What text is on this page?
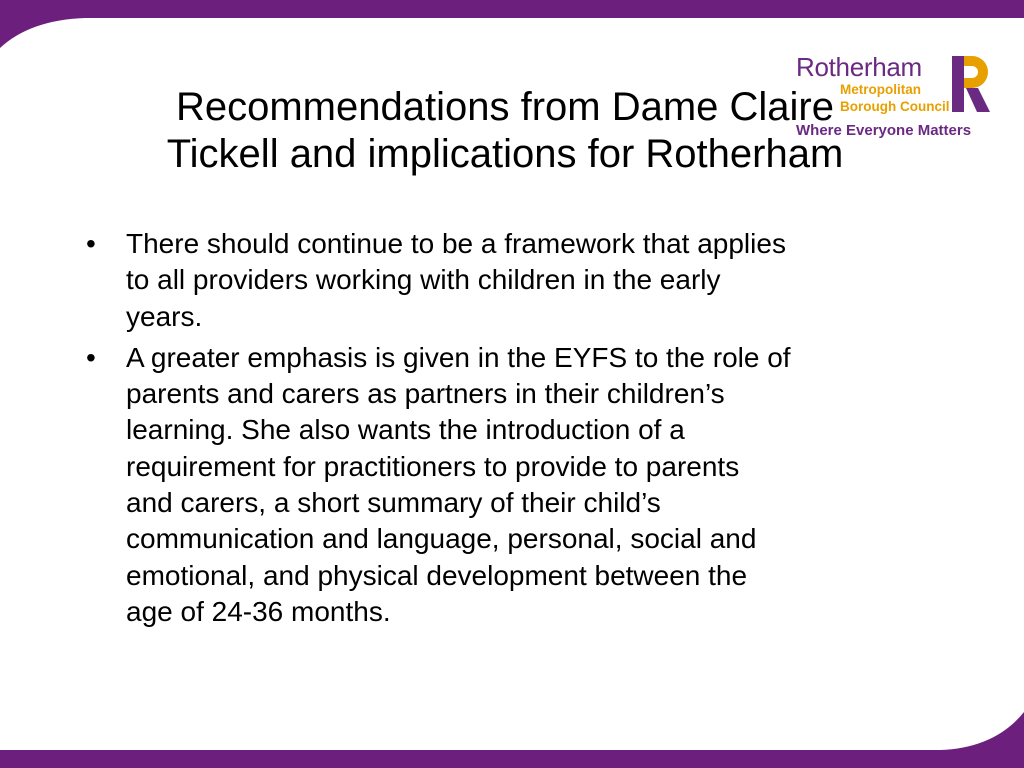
Rotherham
Metropolitan
Borough Council
Where Everyone Matters
Recommendations from Dame Claire
Tickell and implications for Rotherham
• There should continue to be a framework that applies
to all providers working with children in the early
years.
• A greater emphasis is given in the EYFS to the role of
parents and carers as partners in their children’s
learning. She also wants the introduction of a
requirement for practitioners to provide to parents
and carers, a short summary of their child’s
communication and language, personal, social and
emotional, and physical development between the
age of 24-36 months.
